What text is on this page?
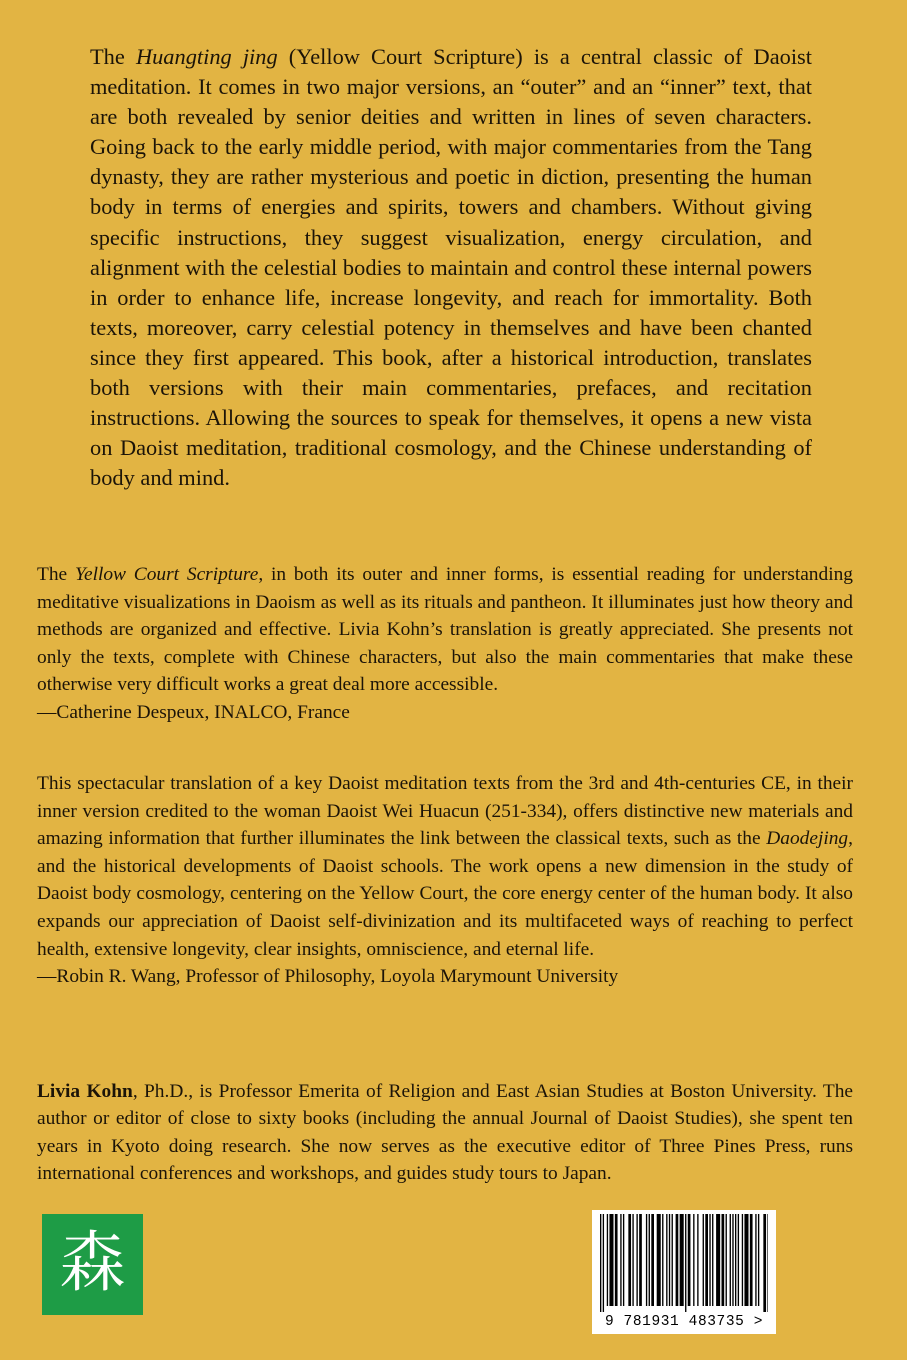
The Huangting jing (Yellow Court Scripture) is a central classic of Daoist meditation. It comes in two major versions, an “outer” and an “inner” text, that are both revealed by senior deities and written in lines of seven characters. Going back to the early middle period, with major commentaries from the Tang dynasty, they are rather mysterious and poetic in diction, presenting the human body in terms of energies and spirits, towers and chambers. Without giving specific instructions, they suggest visualization, energy circulation, and alignment with the celestial bodies to maintain and control these internal powers in order to enhance life, increase longevity, and reach for immortality. Both texts, moreover, carry celestial potency in themselves and have been chanted since they first appeared. This book, after a historical introduction, translates both versions with their main commentaries, prefaces, and recitation instructions. Allowing the sources to speak for themselves, it opens a new vista on Daoist meditation, traditional cosmology, and the Chinese understanding of body and mind.
The Yellow Court Scripture, in both its outer and inner forms, is essential reading for understanding meditative visualizations in Daoism as well as its rituals and pantheon. It illuminates just how theory and methods are organized and effective. Livia Kohn’s translation is greatly appreciated. She presents not only the texts, complete with Chinese characters, but also the main commentaries that make these otherwise very difficult works a great deal more accessible.
—Catherine Despeux, INALCO, France
This spectacular translation of a key Daoist meditation texts from the 3rd and 4th-centuries CE, in their inner version credited to the woman Daoist Wei Huacun (251-334), offers distinctive new materials and amazing information that further illuminates the link between the classical texts, such as the Daodejing, and the historical developments of Daoist schools. The work opens a new dimension in the study of Daoist body cosmology, centering on the Yellow Court, the core energy center of the human body. It also expands our appreciation of Daoist self-divinization and its multifaceted ways of reaching to perfect health, extensive longevity, clear insights, omniscience, and eternal life.
—Robin R. Wang, Professor of Philosophy, Loyola Marymount University
Livia Kohn, Ph.D., is Professor Emerita of Religion and East Asian Studies at Boston University. The author or editor of close to sixty books (including the annual Journal of Daoist Studies), she spent ten years in Kyoto doing research. She now serves as the executive editor of Three Pines Press, runs international conferences and workshops, and guides study tours to Japan.
森
9 781931 483735 >
